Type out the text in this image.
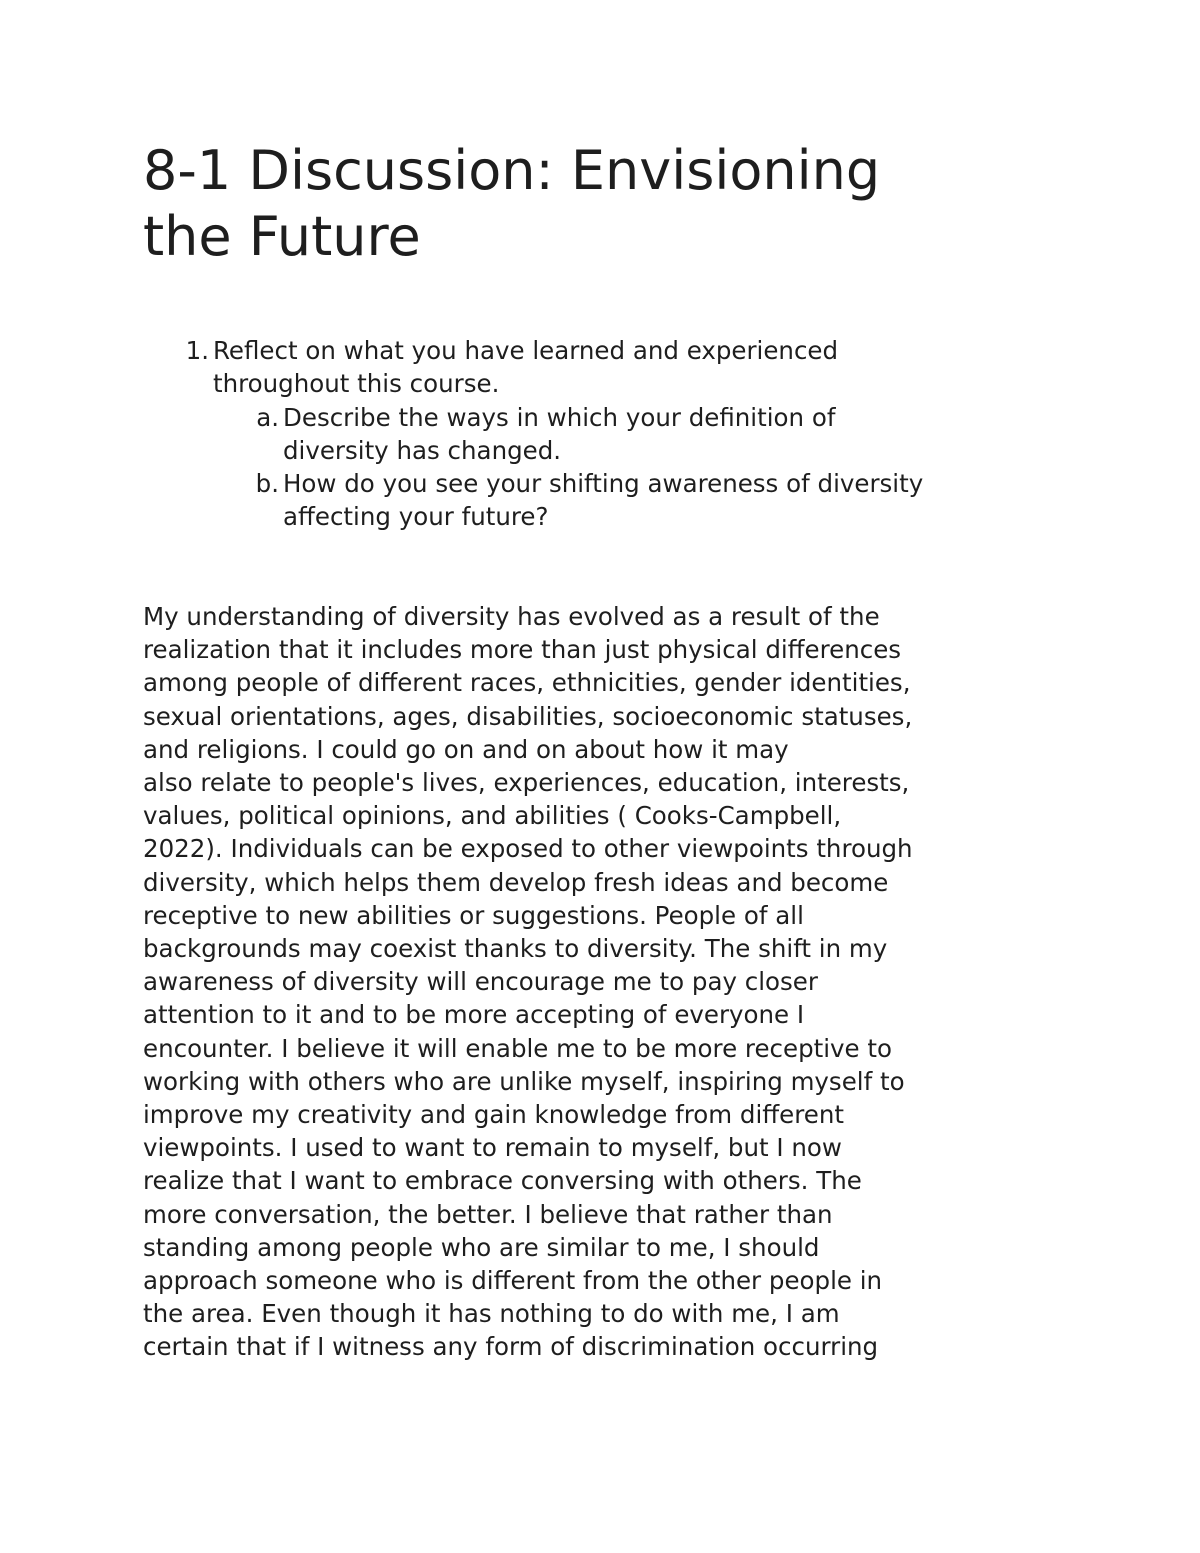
8-1 Discussion: Envisioning
the Future
1. Reflect on what you have learned and experienced
throughout this course.
a. Describe the ways in which your definition of
diversity has changed.
b. How do you see your shifting awareness of diversity
affecting your future?
My understanding of diversity has evolved as a result of the
realization that it includes more than just physical differences
among people of different races, ethnicities, gender identities,
sexual orientations, ages, disabilities, socioeconomic statuses,
and religions. I could go on and on about how it may
also relate to people's lives, experiences, education, interests,
values, political opinions, and abilities ( Cooks-Campbell,
2022). Individuals can be exposed to other viewpoints through
diversity, which helps them develop fresh ideas and become
receptive to new abilities or suggestions. People of all
backgrounds may coexist thanks to diversity. The shift in my
awareness of diversity will encourage me to pay closer
attention to it and to be more accepting of everyone I
encounter. I believe it will enable me to be more receptive to
working with others who are unlike myself, inspiring myself to
improve my creativity and gain knowledge from different
viewpoints. I used to want to remain to myself, but I now
realize that I want to embrace conversing with others. The
more conversation, the better. I believe that rather than
standing among people who are similar to me, I should
approach someone who is different from the other people in
the area. Even though it has nothing to do with me, I am
certain that if I witness any form of discrimination occurring
